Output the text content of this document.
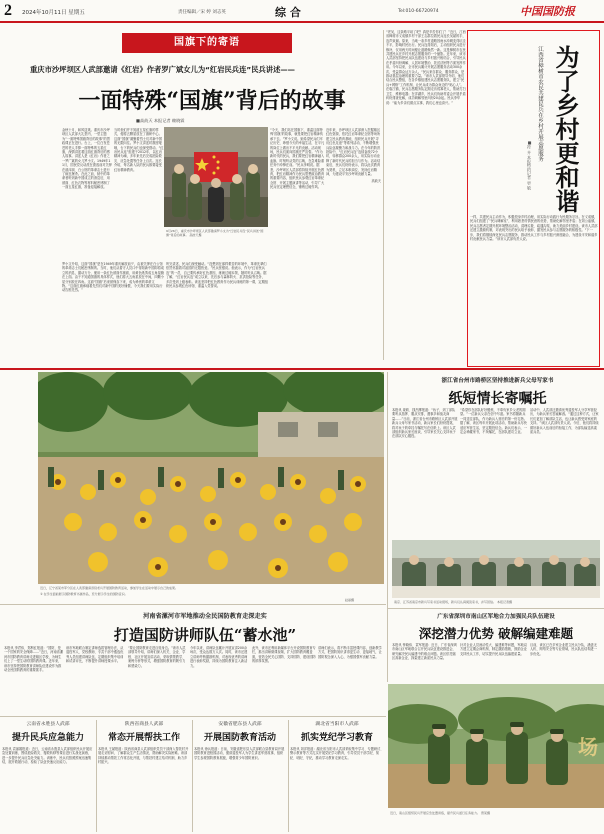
2 2024年10月11日 星期五	责任编辑／宋 婷 刘志英	综 合	Tel:010-66720974	中国国防报
国旗下的寄语
重庆市沙坪坝区人武部邀请《红岩》作者罗广斌女儿为“红岩民兵连”民兵讲述——
一面特殊“国旗”背后的故事
■高歧天 本报记者 赖晓霖

金秋十月，和风送爽。重庆市沙坪坝区人武部大礼堂内，一堂主题为“一面特殊国旗背后的故事”的思政课正在进行。台上，一位白发苍苍的老人手捧一面特殊的五星红旗，深情讲述着这面红旗背后的感人故事。讲述人是《红岩》作者之一罗广斌的女儿罗小文。1949年11月，国民党反动派在溃逃前对关押在渣滓洞、白公馆的革命志士进行了疯狂屠杀。在此之前，狱中的革命者听到新中国成立的消息后，用被面、红色衣物等材料秘密绣制了一面五星红旗，准备迎接解放。

当时他们并不知道五星红旗的样式，便将五颗星放在了旗帜中心。这面“国旗”凝聚着烈士们对新中国的无限向往。罗小文讲述时数度哽咽，台下的民兵们也深受感动。“红岩民兵连”组建于2012年，以红岩精神为魂，多年来先后完成抢险救灾、应急处置等任务上百次。连长介绍，每名新入队的民兵都要接受红岩精神教育。

9月26日，重庆市沙坪坝区人武部邀请罗小文为“红岩民兵连”民兵讲述“国旗”背后的故事。 高歧天摄

“今天，我们站在国旗下，重温这面特殊‘国旗’的故事，就是要把红岩精神传承下去。”罗小文说。她希望民兵们牢记历史，珍惜今天的幸福生活，在平凡的岗位上做出不平凡的贡献。活动现场，民兵们面向国旗庄严宣誓。“作为新时代的民兵，我们要把红岩精神融入血脉，时刻听从党的召唤，在急难险重任务中冲锋在前。”民兵李明说。据悉，沙坪坝区人武部将持续开展红色教育，把红岩精神作为民兵思想政治教育的重要内容，组织民兵参观红岩革命纪念馆、开展主题演讲等活动，引导广大民兵坚定理想信念，锤炼过硬作风。

近年来，沙坪坝区人武部深入挖掘辖区红色资源，依托红岩革命纪念馆等场所建立民兵教育基地，组织民兵开展“寻访红色足迹”等系列活动，不断增强民兵队伍凝聚力和战斗力。在今年的防汛抢险中，“红岩民兵连”连续奋战72小时，转移群众200余人，用实际行动诠释了新时代民兵的担当与作为。活动结束后，民兵们纷纷表示，将以此次教育为契机，立足本职岗位，发扬红岩精神，为建设平安沙坪坝贡献力量。

高歧天

罗小文介绍，这面“国旗”是在1949年重庆解放前夕，由被关押在白公馆的革命志士们秘密绣制的。当时，他们从看守人员口中得知新中国即将成立的消息，激动万分，便用一条红色被面作旗面，用黄色纸剪成五角星缝在上面。由于不知道国旗的具体样式，他们将大五角星放在中间，四颗小星分别放在四角。这面“国旗”后来被保存下来，成为珍贵的革命文物。“这面红旗承载着先烈们对新中国的美好憧憬，今天我们要用实际行动告慰先烈。”

听完讲述，民兵们深受触动。“没想到在那样艰苦的环境中，革命先辈们依然怀揣着对祖国的无限热爱。”民兵张强说。他表示，作为“红岩民兵连”的一员，自己要传承好红色基因，练就过硬本领，随时听从召唤。据了解，“红岩民兵连”成立以来，先后参与森林防火、抗洪抢险等任务，多次受到上级表彰。该连坚持把红色教育作为民兵训练的第一课，定期组织民兵参观红色场馆、重温入党誓词。

“老吴，这条路平坦了吧？真是辛苦你们了！”近日，江西省樟树市义成镇乡村干部王志群拉着民兵连长吴斌的手，连声致谢。原来，当地一条乡村道路因雨水冲刷变得坑洼不平，影响村民出行。民兵连得知后，主动组织民兵进行修补，仅用两天时间便让道路焕然一新。这是樟树市农民共建民兵在乡村开展志愿服务的一个缩影。近年来，该市人武部坚持把民兵队伍建设与乡村振兴相结合，引导民兵在矛盾纠纷调解、人居环境整治、扶贫济困等方面发挥作用。今年以来，全市民兵累计开展志愿服务活动300余次，受益群众达万余人。“民兵来自群众、服务群众，是推动基层治理的重要力量。”该市人武部领导介绍，他们结合民兵整组，在各乡镇组建民兵志愿服务队，建立“民兵+网格”工作机制，让民兵成为群众身边的“贴心人”。在临江镇，民兵志愿服务队定期走访孤寡老人，帮助打扫卫生、维修电器；在洋湖乡，民兵们协助村委会开展矛盾纠纷排查化解，成功调解邻里纠纷20余起。民兵李华说：“能为乡亲们做点实事，我们心里也高兴。”	为了乡村更和谐
江西省樟树市农民共建民兵在乡村开展志愿服务
■符 卉 本报特约记者 更 敏

一样，共建民兵主动作为，积极投身乡村治理，用实际行动践行为民服务宗旨。在义成镇，民兵们组建了“民兵调解室”，利用熟悉村情民意的优势，帮助化解邻里矛盾；在刘公庙镇，民兵志愿者定期开展环境整治活动，清理垃圾、疏通沟渠，助力美丽乡村建设。该市人武部还建立激励机制，对表现突出的民兵给予表彰，激发民兵参与志愿服务的积极性。“下一步，我们将继续深化民兵志愿服务，推动民兵工作与乡村振兴深度融合，为建设平安和谐乡村贡献民兵力量。”该市人武部负责人说。

近日，辽宁省某市军分区在人武部邀请退役老兵开展国防教育活动，参加学生在活动中展示自己的成果。
② 在学生面前展示国防教育书画作品，充分展示学生的国防意识。
赵丽摄
浙江省台州市路桥区坚持推进新兵父母写家书
纸短情长寄嘱托

本报讯 姜莉、钱杰摩报道：“孩子，到了部队要听从指挥、服从安排，遇事多和战友商量……”日前，浙江省台州市路桥区人武部开展新兵父母写家书活动，新兵家长们纷纷提笔，将对孩子的牵挂与嘱托写在信纸上。该区人武部组织新兵家长座谈，引导家长关心支持孩子在部队安心服役。

“希望你在部队好好锻炼，不辜负家乡父老的期望。”一位新兵父亲在信中写道。家书将随新兵一同送往部队，作为新兵入营后的第一份礼物。据了解，该区每年开展此项活动，帮助新兵尽快适应军营生活，坚定服役信念。新兵们表示，一定会珍藏家书，不负嘱托，在部队建功立业。

活动中，人武部还邀请优秀退役军人分享军营经历，为新兵家长答疑解惑。“通过这种方式，让家长们更加了解部队生活，也让新兵感受到家庭的支持。”该区人武部负责人说。今后，他们将持续做好新兵入伍前后的衔接工作，为部队输送高素质兵员。

南京、江苏省南京市新兵写家书活动现场，新兵们认真阅读家书，并写回信。 本报记者摄
广东省深圳市南山区军地合力加强民兵队伍建设
深挖潜力优势 破解编建难题

本报讯 钟晓伟、袁军报道：近日，广东省深圳市南山区军地联合召开民兵队伍建设推进会，研究解决民兵编建中的难点问题。该区依托辖区高新企业，探索建立新质民兵力量。

针对企业人员流动性大、编建难等问题，军地双方建立定期会商机制，制定激励措施，鼓励企业支持民兵工作，切实提升民兵队伍编建质量。

目前，该区已在多家企业建立民兵分队，涵盖无人机、网络安全等专业领域，民兵队伍结构进一步优化。

河南省漯河市军地推动全民国防教育走深走实
打造国防讲师队伍“蓄水池”

本报讯 李君伟、郑利红报道：“国防，是一个国家的安全保障……”近日，河南省漯河市国防教育讲师走进辖区学校，为师生们上了一堂生动的国防教育课。近年来，该市坚持把国防教育讲师队伍建设作为推动全民国防教育的重要抓手。

该市军地联合制定讲师选拔管理办法，从退役军人、党校教师、专武干部中遴选优秀人员组建讲师队伍，定期组织集中培训和试讲评比，不断提升讲师授课水平。

“要让国防教育走进百姓身边。”该市人武部领导介绍，讲师们深入机关、企业、学校、社区开展宣讲活动，采取情景教学、案例分析等形式，增强国防教育的吸引力和感染力。

今年以来，讲师队伍累计开展宣讲200余场次，受众达数万人次。同时，该市还建立讲师考核激励机制，对表现优秀的讲师进行表彰奖励，持续为国防教育注入新活力。

此外，该市还利用新媒体平台开设国防教育专栏，推出讲师微课视频，扩大国防教育覆盖面，营造全民关心国防、支持国防、建设国防的浓厚氛围。

讲师们表示，将不断丰富授课内容，创新教学方式，把国防知识讲得更生动、更接地气，让国防观念深入人心，为强国强军贡献力量。

场
近日，南山区组织民兵开展应急处置训练，提升民兵遂行任务能力。 曾某摄
云南省永胜县人武部
提升民兵应急能力

本报讯 袁丽娟报道：近日，云南省永胜县人武部组织民兵开展应急处置训练，围绕抢险救灾、搜救转移等课目进行实战化演练，进一步提升民兵应急处突能力。训练中，民兵们按照预案迅速集结，展开救援行动，检验了队伍快速反应能力。

陕西省商县人武部
常态开展帮扶工作

本报讯 王斌报道：陕西省商县人武部组织党员干部深入帮扶村开展走访慰问，了解群众生产生活情况，帮助解决实际困难。该部持续推动帮扶工作常态化开展，与帮扶村建立结对机制，助力乡村振兴。

安徽省肥东县人武部
开展国防教育活动

本报讯 徐兵报道：日前，安徽省肥东县人武部联合县教育局开展国防教育进校园活动，邀请退役军人为学生讲述军营故事，组织学生参观国防教育展板，增强青少年国防意识。

湖北省当阳市人武部
抓实党纪学习教育

本报讯 刘洋报道：湖北省当阳市人武部采取集中学习、专题研讨、警示教育等方式扎实开展党纪学习教育，引导党员干部学纪、知纪、明纪、守纪，推动学习教育走深走实。
